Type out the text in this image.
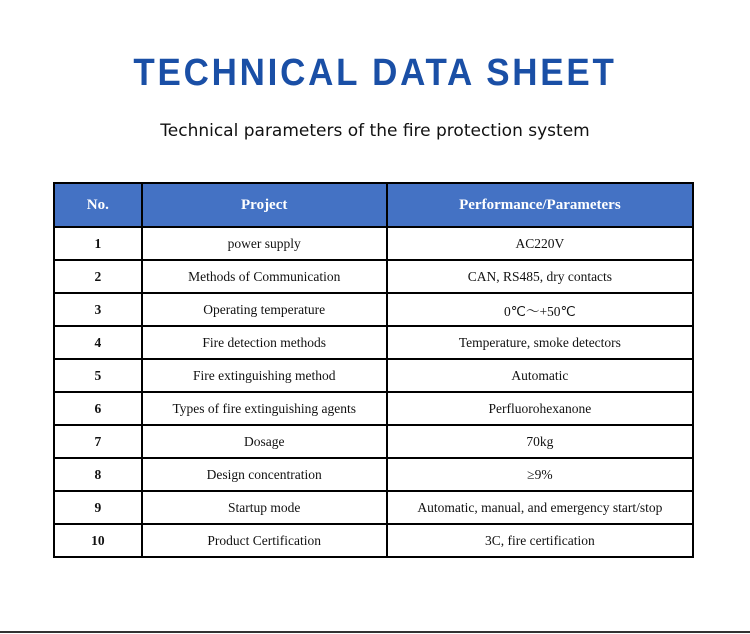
TECHNICAL DATA SHEET
Technical parameters of the fire protection system
No.	Project	Performance/Parameters
1	power supply	AC220V
2	Methods of Communication	CAN, RS485, dry contacts
3	Operating temperature	0℃～+50℃
4	Fire detection methods	Temperature, smoke detectors
5	Fire extinguishing method	Automatic
6	Types of fire extinguishing agents	Perfluorohexanone
7	Dosage	70kg
8	Design concentration	≥9%
9	Startup mode	Automatic, manual, and emergency start/stop
10	Product Certification	3C, fire certification
